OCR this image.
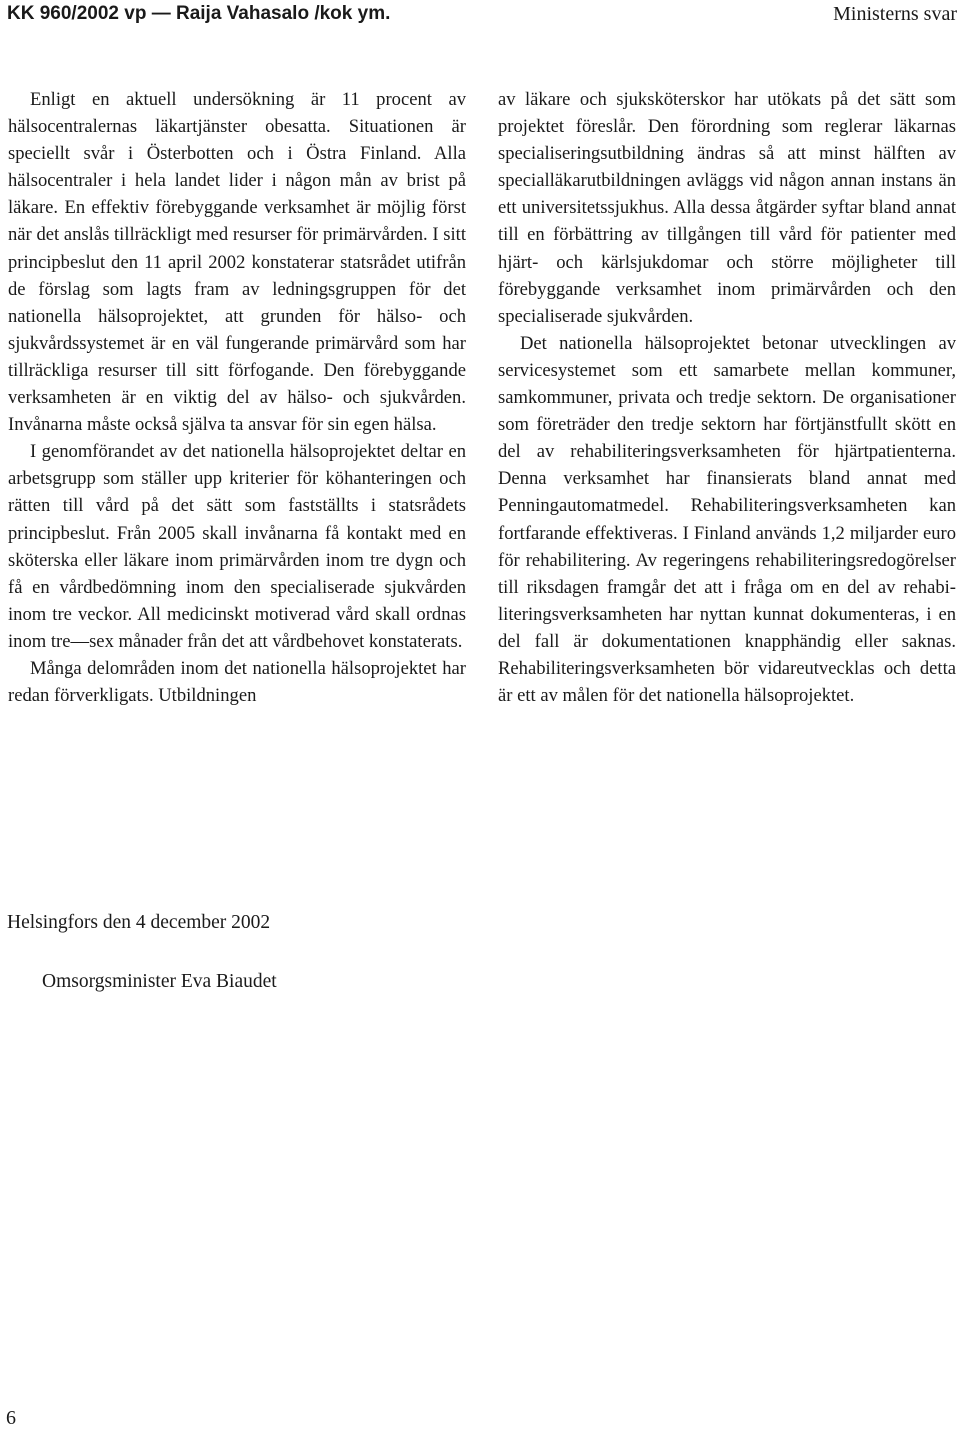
KK 960/2002 vp — Raija Vahasalo /kok ym.	Ministerns svar

Enligt en aktuell undersökning är 11 procent av hälsocentralernas läkartjänster obesatta. Situationen är speciellt svår i Österbotten och i Östra Finland. Alla hälsocentraler i hela landet lider i någon mån av brist på läkare. En effektiv förebyggande verksamhet är möjlig först när det anslås tillräckligt med resurser för primärvården. I sitt principbeslut den 11 april 2002 konstaterar statsrådet utifrån de förslag som lagts fram av ledningsgruppen för det nationella hälsoprojektet, att grunden för hälso- och sjukvårdssystemet är en väl fungerande primärvård som har tillräckliga resurser till sitt förfogande. Den förebyggande verksamheten är en viktig del av hälso- och sjukvården. Invånarna måste också själva ta ansvar för sin egen hälsa.

I genomförandet av det nationella hälsoprojektet deltar en arbetsgrupp som ställer upp kriterier för köhanteringen och rätten till vård på det sätt som fastställts i statsrådets principbeslut. Från 2005 skall invånarna få kontakt med en sköterska eller läkare inom primärvården inom tre dygn och få en vårdbedömning inom den specialiserade sjukvården inom tre veckor. All medicinskt motiverad vård skall ordnas inom tre—sex månader från det att vårdbehovet konstaterats.

Många delområden inom det nationella hälsoprojektet har redan förverkligats. Utbildningen

av läkare och sjuksköterskor har utökats på det sätt som projektet föreslår. Den förordning som reglerar läkarnas specialiseringsutbildning ändras så att minst hälften av specialläkarutbildningen avläggs vid någon annan instans än ett universitetssjukhus. Alla dessa åtgärder syftar bland annat till en förbättring av tillgången till vård för patienter med hjärt- och kärlsjukdomar och större möjligheter till förebyggande verksamhet inom primärvården och den specialiserade sjukvården.

Det nationella hälsoprojektet betonar utvecklingen av servicesystemet som ett samarbete mellan kommuner, samkommuner, privata och tredje sektorn. De organisationer som företräder den tredje sektorn har förtjänstfullt skött en del av rehabiliteringsverksamheten för hjärtpatienterna. Denna verksamhet har finansierats bland annat med Penningautomatmedel. Rehabiliteringsverksamheten kan fortfarande effektiveras. I Finland används 1,2 miljarder euro för rehabilitering. Av regeringens rehabiliteringsredogörelser till riksdagen framgår det att i fråga om en del av rehabiliteringsverksamheten har nyttan kunnat dokumenteras, i en del fall är dokumentationen knapphändig eller saknas. Rehabiliteringsverksamheten bör vidareutvecklas och detta är ett av målen för det nationella hälsoprojektet.

Helsingfors den 4 december 2002
Omsorgsminister Eva Biaudet
6
